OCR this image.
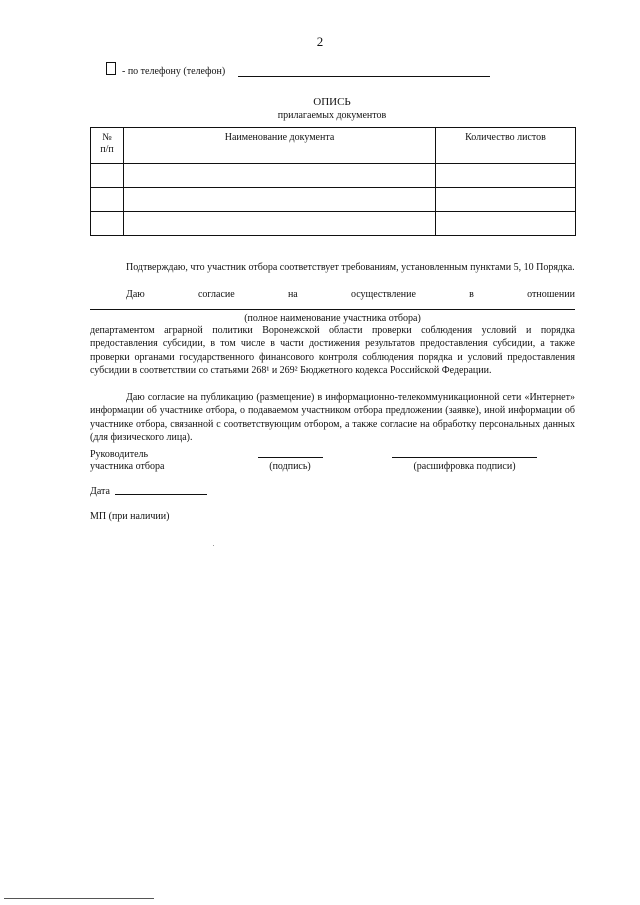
2
- по телефону (телефон)
ОПИСЬ
прилагаемых документов
№
п/п	Наименование документа	Количество листов

Подтверждаю, что участник отбора соответствует требованиям, установленным пунктами 5, 10 Порядка.
Даю	согласие	на	осуществление	в	отношении
(полное наименование участника отбора)
департаментом аграрной политики Воронежской области проверки соблюдения условий и порядка предоставления субсидии, в том числе в части достижения результатов предоставления субсидии, а также проверки органами государственного финансового контроля соблюдения порядка и условий предоставления субсидии в соответствии со статьями 268¹ и 269² Бюджетного кодекса Российской Федерации.
Даю согласие на публикацию (размещение) в информационно-телекоммуникационной сети «Интернет» информации об участнике отбора, о подаваемом участником отбора предложении (заявке), иной информации об участнике отбора, связанной с соответствующим отбором, а также согласие на обработку персональных данных (для физического лица).
Руководитель
участника отбора	(подпись)	(расшифровка подписи)
Дата
МП (при наличии)
